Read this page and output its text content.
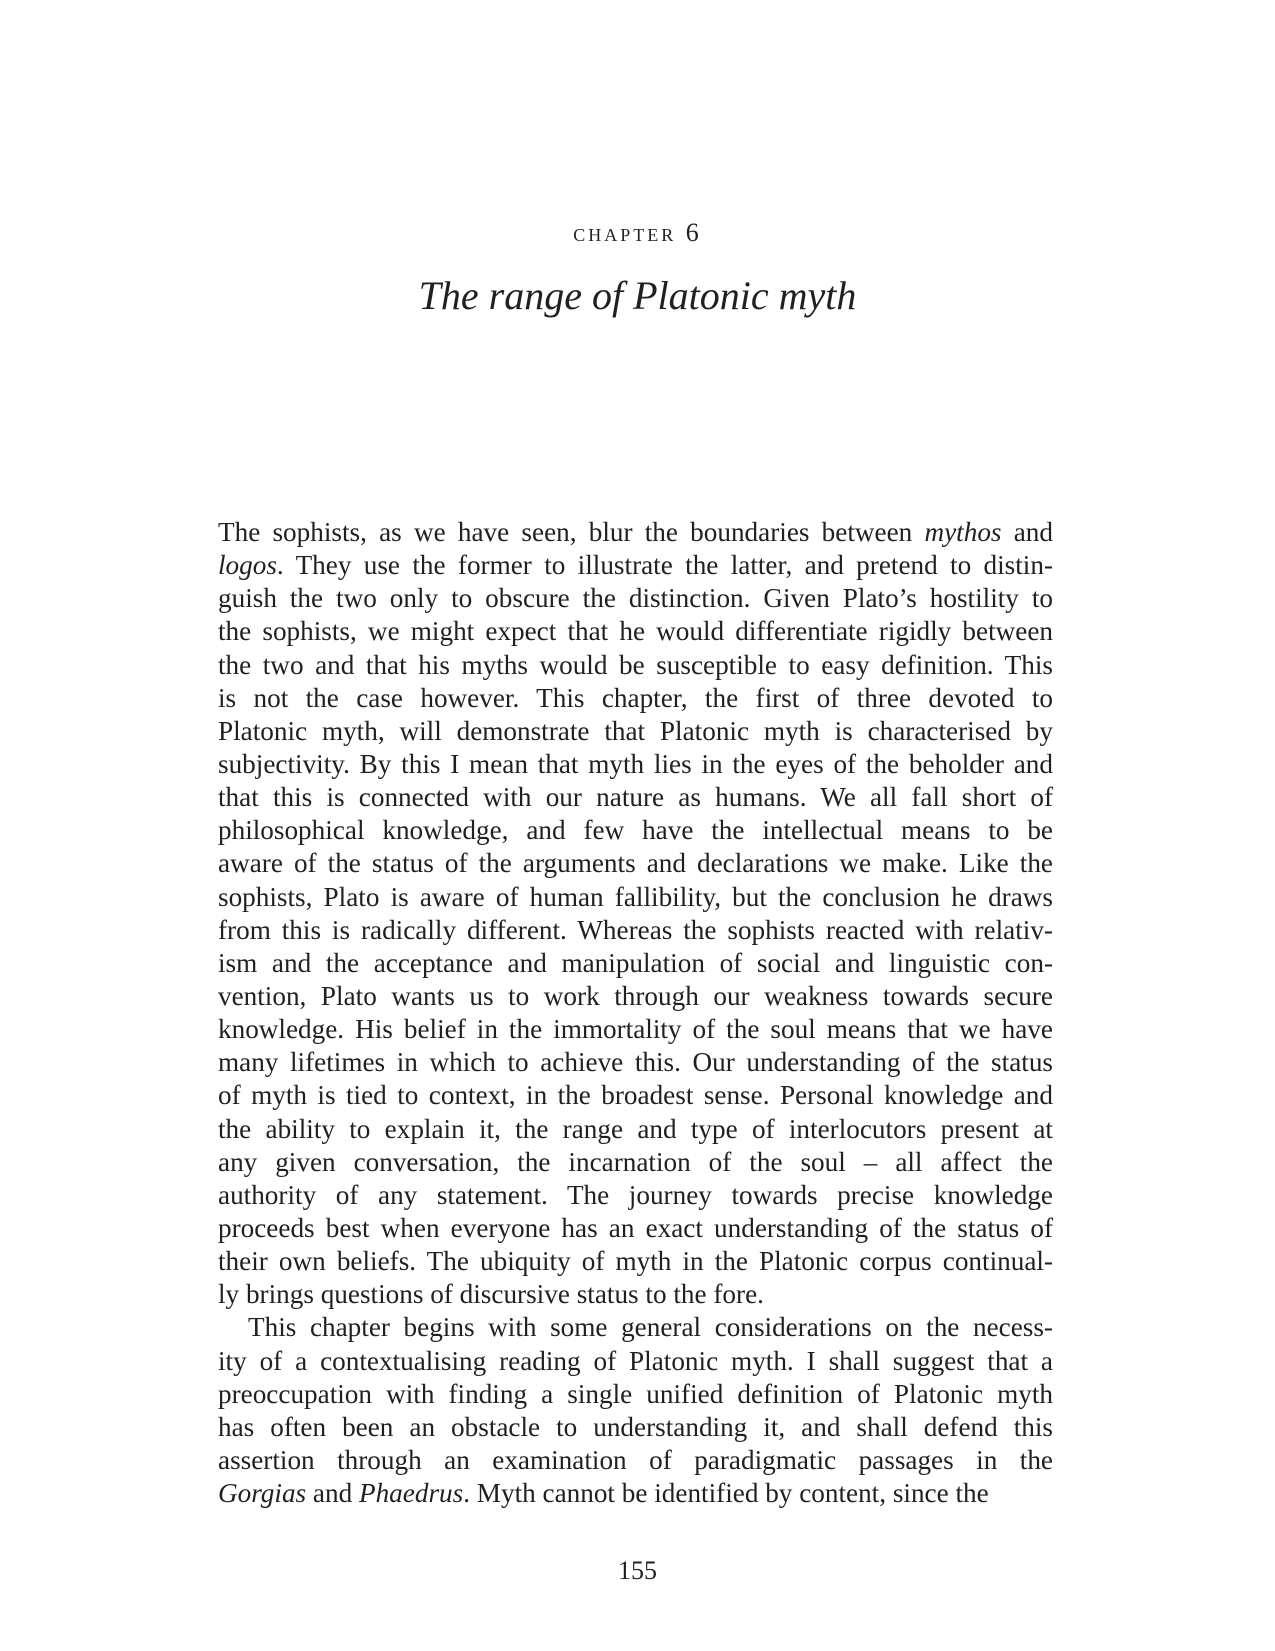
chapter 6
The range of Platonic myth
The sophists, as we have seen, blur the boundaries between mythos and
logos. They use the former to illustrate the latter, and pretend to distin-
guish the two only to obscure the distinction. Given Plato’s hostility to
the sophists, we might expect that he would differentiate rigidly between
the two and that his myths would be susceptible to easy definition. This
is not the case however. This chapter, the first of three devoted to
Platonic myth, will demonstrate that Platonic myth is characterised by
subjectivity. By this I mean that myth lies in the eyes of the beholder and
that this is connected with our nature as humans. We all fall short of
philosophical knowledge, and few have the intellectual means to be
aware of the status of the arguments and declarations we make. Like the
sophists, Plato is aware of human fallibility, but the conclusion he draws
from this is radically different. Whereas the sophists reacted with relativ-
ism and the acceptance and manipulation of social and linguistic con-
vention, Plato wants us to work through our weakness towards secure
knowledge. His belief in the immortality of the soul means that we have
many lifetimes in which to achieve this. Our understanding of the status
of myth is tied to context, in the broadest sense. Personal knowledge and
the ability to explain it, the range and type of interlocutors present at
any given conversation, the incarnation of the soul – all affect the
authority of any statement. The journey towards precise knowledge
proceeds best when everyone has an exact understanding of the status of
their own beliefs. The ubiquity of myth in the Platonic corpus continual-
ly brings questions of discursive status to the fore.
This chapter begins with some general considerations on the necess-
ity of a contextualising reading of Platonic myth. I shall suggest that a
preoccupation with finding a single unified definition of Platonic myth
has often been an obstacle to understanding it, and shall defend this
assertion through an examination of paradigmatic passages in the
Gorgias and Phaedrus. Myth cannot be identified by content, since the
155
